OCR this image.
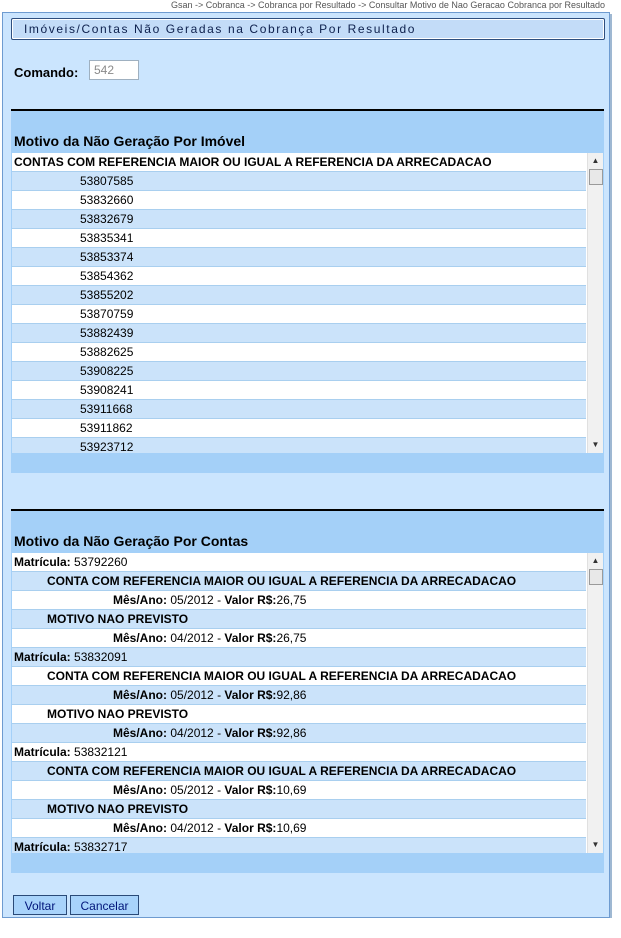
Gsan -> Cobranca -> Cobranca por Resultado -> Consultar Motivo de Nao Geracao Cobranca por Resultado
Imóveis/Contas Não Geradas na Cobrança Por Resultado
Comando:
542
Motivo da Não Geração Por Imóvel
CONTAS COM REFERENCIA MAIOR OU IGUAL A REFERENCIA DA ARRECADACAO
53807585
53832660
53832679
53835341
53853374
53854362
53855202
53870759
53882439
53882625
53908225
53908241
53911668
53911862
53923712
▲
▼
Motivo da Não Geração Por Contas
Matrícula: 53792260
CONTA COM REFERENCIA MAIOR OU IGUAL A REFERENCIA DA ARRECADACAO
Mês/Ano: 05/2012 - Valor R$:26,75
MOTIVO NAO PREVISTO
Mês/Ano: 04/2012 - Valor R$:26,75
Matrícula: 53832091
CONTA COM REFERENCIA MAIOR OU IGUAL A REFERENCIA DA ARRECADACAO
Mês/Ano: 05/2012 - Valor R$:92,86
MOTIVO NAO PREVISTO
Mês/Ano: 04/2012 - Valor R$:92,86
Matrícula: 53832121
CONTA COM REFERENCIA MAIOR OU IGUAL A REFERENCIA DA ARRECADACAO
Mês/Ano: 05/2012 - Valor R$:10,69
MOTIVO NAO PREVISTO
Mês/Ano: 04/2012 - Valor R$:10,69
Matrícula: 53832717
▲
▼
Voltar	Cancelar
